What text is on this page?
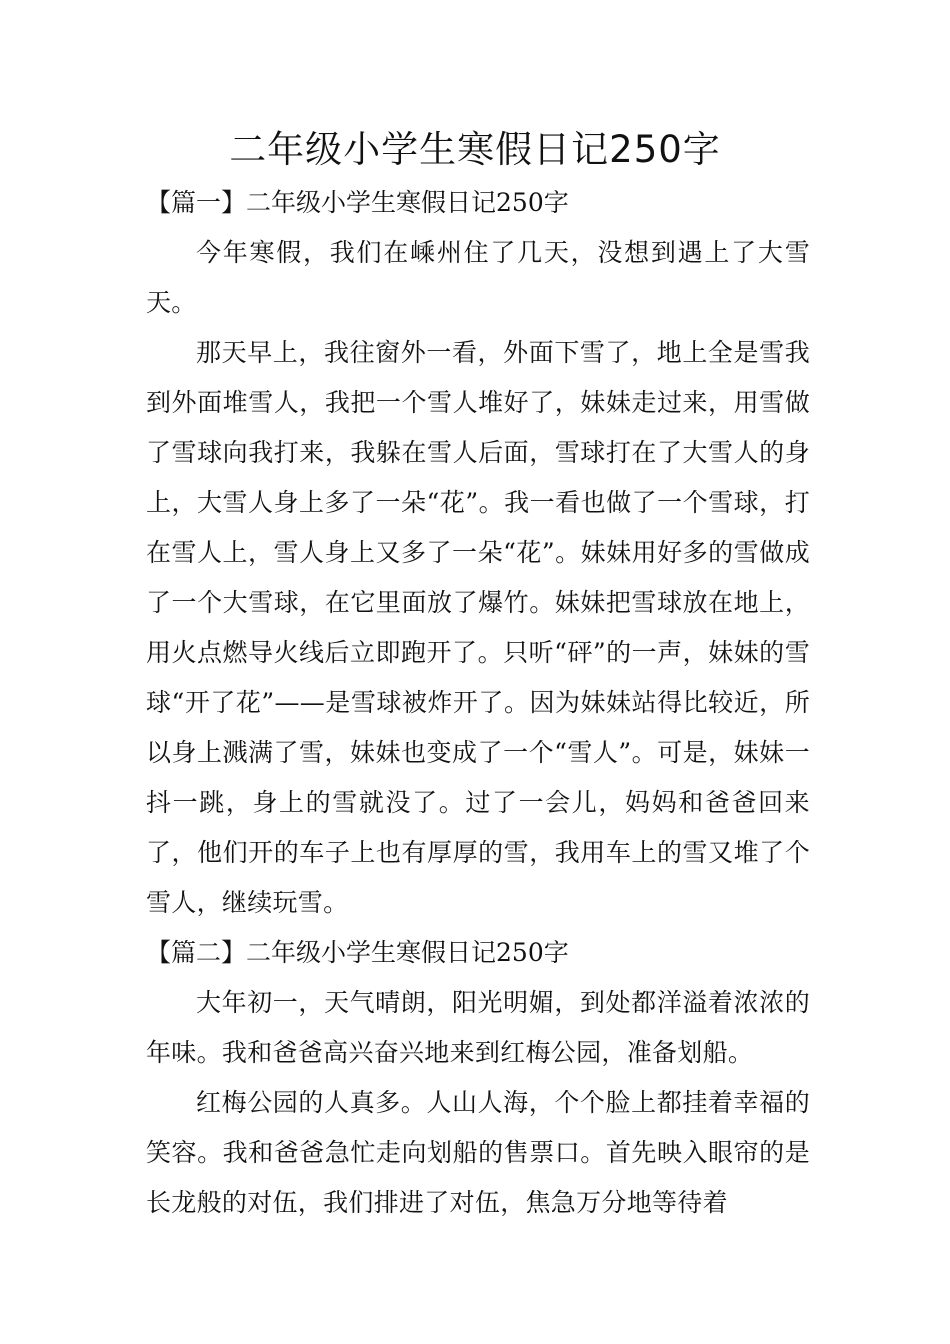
二年级小学生寒假日记250字

【篇一】二年级小学生寒假日记250字

今年寒假，我们在嵊州住了几天，没想到遇上了大雪天。

那天早上，我往窗外一看，外面下雪了，地上全是雪我到外面堆雪人，我把一个雪人堆好了，妹妹走过来，用雪做了雪球向我打来，我躲在雪人后面，雪球打在了大雪人的身上，大雪人身上多了一朵“花”。我一看也做了一个雪球，打在雪人上，雪人身上又多了一朵“花”。妹妹用好多的雪做成了一个大雪球，在它里面放了爆竹。妹妹把雪球放在地上，用火点燃导火线后立即跑开了。只听“砰”的一声，妹妹的雪球“开了花”——是雪球被炸开了。因为妹妹站得比较近，所以身上溅满了雪，妹妹也变成了一个“雪人”。可是，妹妹一抖一跳，身上的雪就没了。过了一会儿，妈妈和爸爸回来了，他们开的车子上也有厚厚的雪，我用车上的雪又堆了个雪人，继续玩雪。

【篇二】二年级小学生寒假日记250字

大年初一，天气晴朗，阳光明媚，到处都洋溢着浓浓的年味。我和爸爸高兴奋兴地来到红梅公园，准备划船。

红梅公园的人真多。人山人海，个个脸上都挂着幸福的笑容。我和爸爸急忙走向划船的售票口。首先映入眼帘的是长龙般的对伍，我们排进了对伍，焦急万分地等待着
